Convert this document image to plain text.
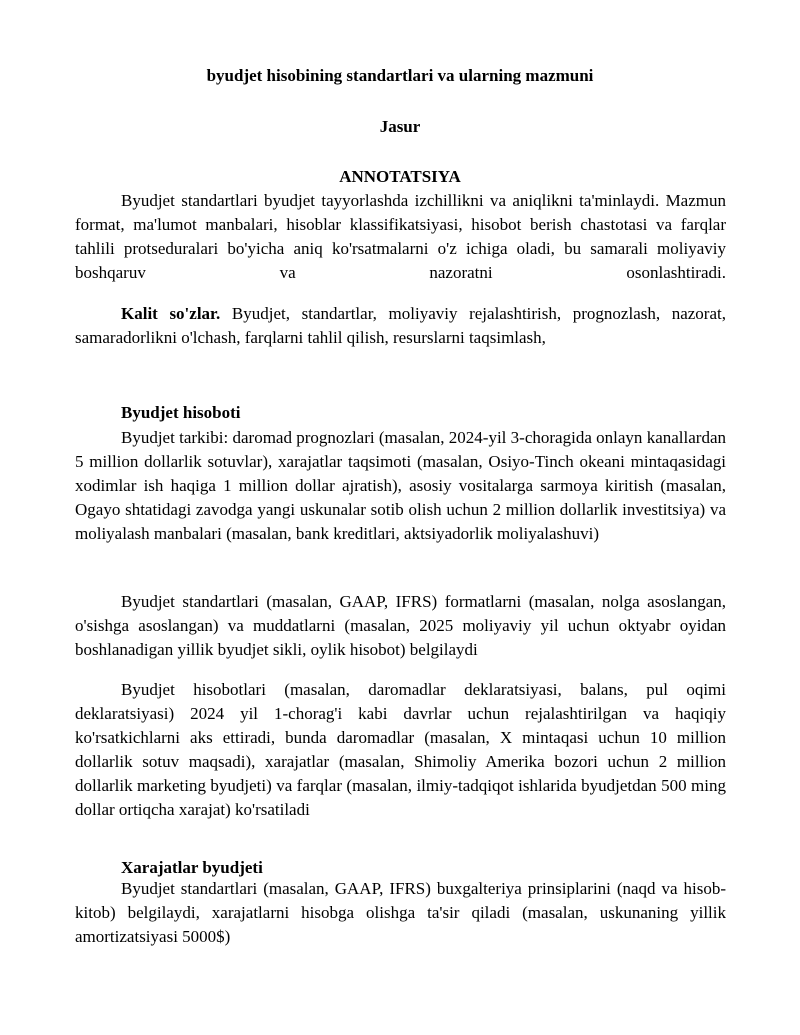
byudjet hisobining standartlari va ularning mazmuni
Jasur
ANNOTATSIYA

Byudjet standartlari byudjet tayyorlashda izchillikni va aniqlikni ta'minlaydi. Mazmun format, ma'lumot manbalari, hisoblar klassifikatsiyasi, hisobot berish chastotasi va farqlar tahlili protseduralari bo'yicha aniq ko'rsatmalarni o'z ichiga oladi, bu samarali moliyaviy boshqaruv va nazoratni osonlashtiradi.

Kalit so'zlar. Byudjet, standartlar, moliyaviy rejalashtirish, prognozlash, nazorat, samaradorlikni o'lchash, farqlarni tahlil qilish, resurslarni taqsimlash,

Byudjet hisoboti

Byudjet tarkibi: daromad prognozlari (masalan, 2024-yil 3-choragida onlayn kanallardan 5 million dollarlik sotuvlar), xarajatlar taqsimoti (masalan, Osiyo-Tinch okeani mintaqasidagi xodimlar ish haqiga 1 million dollar ajratish), asosiy vositalarga sarmoya kiritish (masalan, Ogayo shtatidagi zavodga yangi uskunalar sotib olish uchun 2 million dollarlik investitsiya) va moliyalash manbalari (masalan, bank kreditlari, aktsiyadorlik moliyalashuvi)

Byudjet standartlari (masalan, GAAP, IFRS) formatlarni (masalan, nolga asoslangan, o'sishga asoslangan) va muddatlarni (masalan, 2025 moliyaviy yil uchun oktyabr oyidan boshlanadigan yillik byudjet sikli, oylik hisobot) belgilaydi

Byudjet hisobotlari (masalan, daromadlar deklaratsiyasi, balans, pul oqimi deklaratsiyasi) 2024 yil 1-chorag'i kabi davrlar uchun rejalashtirilgan va haqiqiy ko'rsatkichlarni aks ettiradi, bunda daromadlar (masalan, X mintaqasi uchun 10 million dollarlik sotuv maqsadi), xarajatlar (masalan, Shimoliy Amerika bozori uchun 2 million dollarlik marketing byudjeti) va farqlar (masalan, ilmiy-tadqiqot ishlarida byudjetdan 500 ming dollar ortiqcha xarajat) ko'rsatiladi

Xarajatlar byudjeti

Byudjet standartlari (masalan, GAAP, IFRS) buxgalteriya prinsiplarini (naqd va hisob-kitob) belgilaydi, xarajatlarni hisobga olishga ta'sir qiladi (masalan, uskunaning yillik amortizatsiyasi 5000$)
